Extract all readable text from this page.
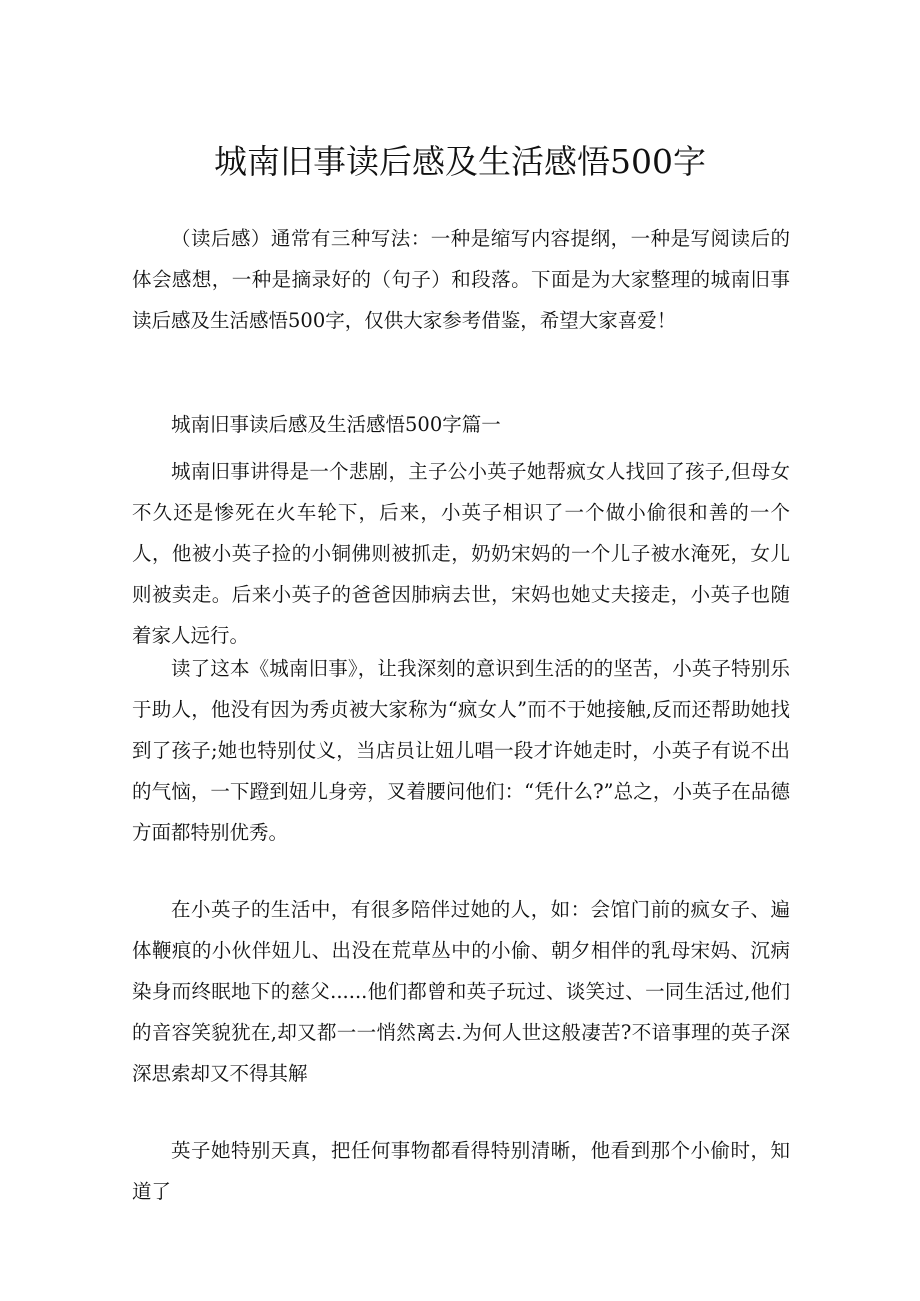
城南旧事读后感及生活感悟500字

（读后感）通常有三种写法：一种是缩写内容提纲，一种是写阅读后的体会感想，一种是摘录好的（句子）和段落。下面是为大家整理的城南旧事读后感及生活感悟500字，仅供大家参考借鉴，希望大家喜爱！

城南旧事读后感及生活感悟500字篇一

城南旧事讲得是一个悲剧，主子公小英子她帮疯女人找回了孩子,但母女不久还是惨死在火车轮下，后来，小英子相识了一个做小偷很和善的一个人，他被小英子捡的小铜佛则被抓走，奶奶宋妈的一个儿子被水淹死，女儿则被卖走。后来小英子的爸爸因肺病去世，宋妈也她丈夫接走，小英子也随着家人远行。

读了这本《城南旧事》，让我深刻的意识到生活的的坚苦，小英子特别乐于助人，他没有因为秀贞被大家称为“疯女人”而不于她接触,反而还帮助她找到了孩子;她也特别仗义，当店员让妞儿唱一段才许她走时，小英子有说不出的气恼，一下蹬到妞儿身旁，叉着腰问他们：“凭什么?”总之，小英子在品德方面都特别优秀。

在小英子的生活中，有很多陪伴过她的人，如：会馆门前的疯女子、遍体鞭痕的小伙伴妞儿、出没在荒草丛中的小偷、朝夕相伴的乳母宋妈、沉病染身而终眠地下的慈父......他们都曾和英子玩过、谈笑过、一同生活过,他们的音容笑貌犹在,却又都一一悄然离去.为何人世这般凄苦?不谙事理的英子深深思索却又不得其解

英子她特别天真，把任何事物都看得特别清晰，他看到那个小偷时，知道了
